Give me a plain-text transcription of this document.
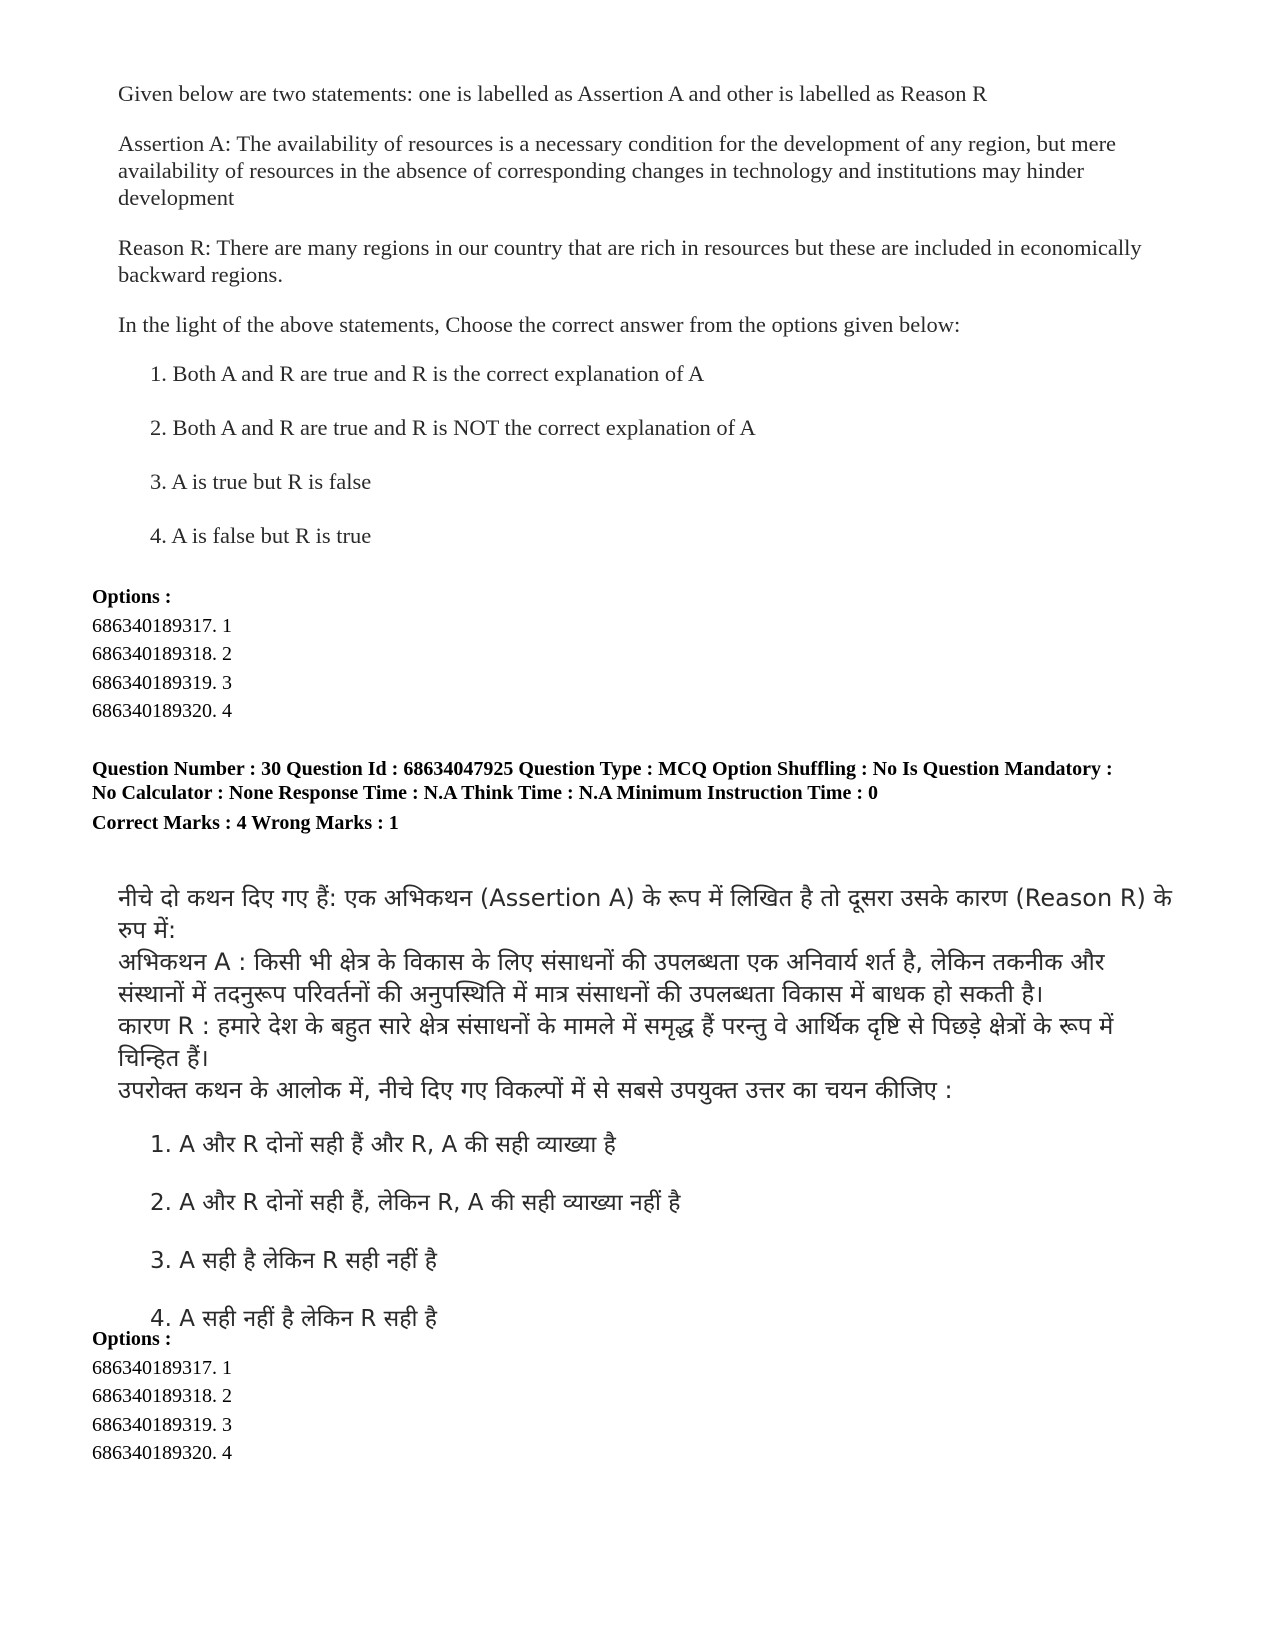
Given below are two statements: one is labelled as Assertion A and other is labelled as Reason R

Assertion A: The availability of resources is a necessary condition for the development of any region, but mere availability of resources in the absence of corresponding changes in technology and institutions may hinder development

Reason R: There are many regions in our country that are rich in resources but these are included in economically backward regions.

In the light of the above statements, Choose the correct answer from the options given below:

1. Both A and R are true and R is the correct explanation of A
2. Both A and R are true and R is NOT the correct explanation of A
3. A is true but R is false
4. A is false but R is true
Options :
686340189317. 1
686340189318. 2
686340189319. 3
686340189320. 4
Question Number : 30 Question Id : 68634047925 Question Type : MCQ Option Shuffling : No Is Question Mandatory :
No Calculator : None Response Time : N.A Think Time : N.A Minimum Instruction Time : 0
Correct Marks : 4 Wrong Marks : 1

नीचे दो कथन दिए गए हैं: एक अभिकथन (Assertion A) के रूप में लिखित है तो दूसरा उसके कारण (Reason R) के रुप में:

अभिकथन A : किसी भी क्षेत्र के विकास के लिए संसाधनों की उपलब्धता एक अनिवार्य शर्त है, लेकिन तकनीक और संस्थानों में तदनुरूप परिवर्तनों की अनुपस्थिति में मात्र संसाधनों की उपलब्धता विकास में बाधक हो सकती है।

कारण R : हमारे देश के बहुत सारे क्षेत्र संसाधनों के मामले में समृद्ध हैं परन्तु वे आर्थिक दृष्टि से पिछड़े क्षेत्रों के रूप में चिन्हित हैं।

उपरोक्त कथन के आलोक में, नीचे दिए गए विकल्पों में से सबसे उपयुक्त उत्तर का चयन कीजिए :

1. A और R दोनों सही हैं और R, A की सही व्याख्या है
2. A और R दोनों सही हैं, लेकिन R, A की सही व्याख्या नहीं है
3. A सही है लेकिन R सही नहीं है
4. A सही नहीं है लेकिन R सही है
Options :
686340189317. 1
686340189318. 2
686340189319. 3
686340189320. 4
